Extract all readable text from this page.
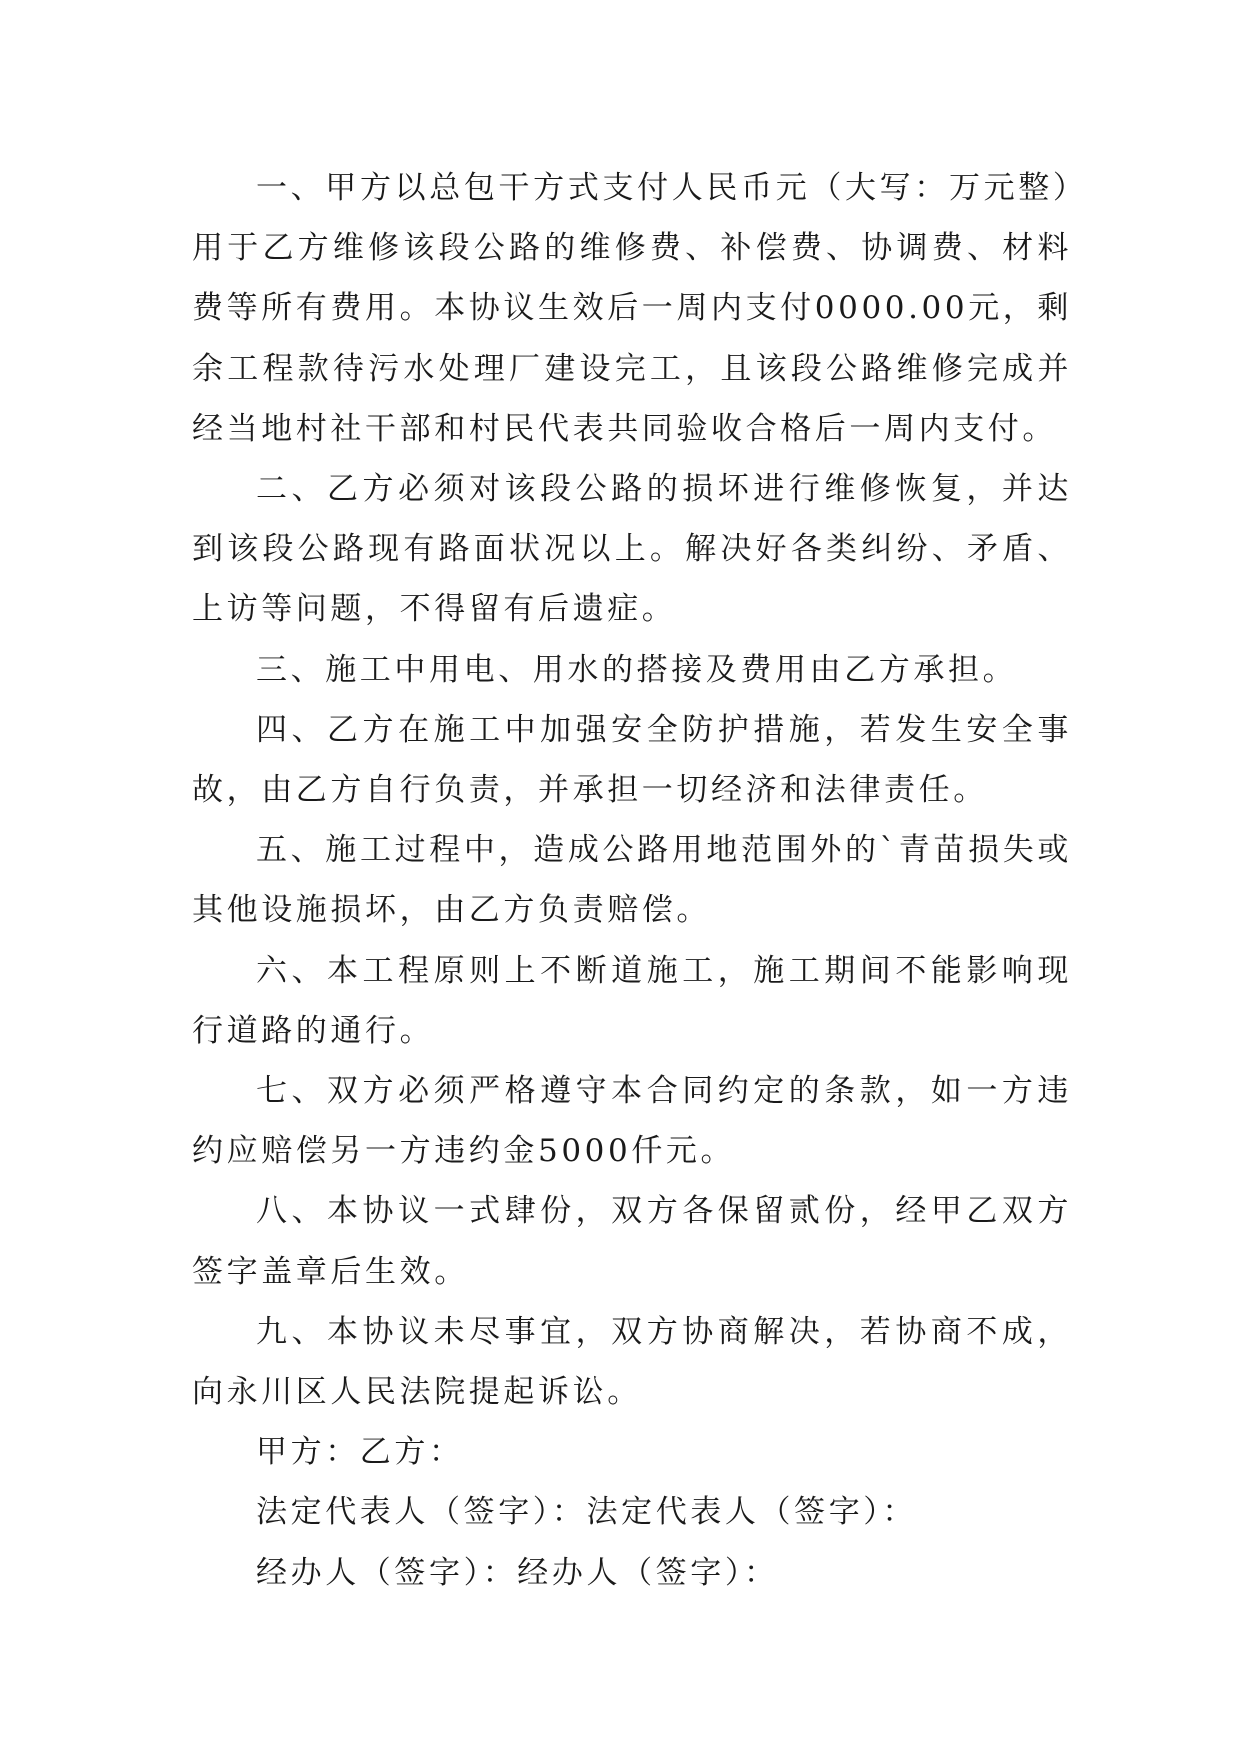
一、甲方以总包干方式支付人民币元（大写：万元整）用于乙方维修该段公路的维修费、补偿费、协调费、材料费等所有费用。本协议生效后一周内支付0000.00元，剩余工程款待污水处理厂建设完工，且该段公路维修完成并经当地村社干部和村民代表共同验收合格后一周内支付。

二、乙方必须对该段公路的损坏进行维修恢复，并达到该段公路现有路面状况以上。解决好各类纠纷、矛盾、上访等问题，不得留有后遗症。

三、施工中用电、用水的搭接及费用由乙方承担。

四、乙方在施工中加强安全防护措施，若发生安全事故，由乙方自行负责，并承担一切经济和法律责任。

五、施工过程中，造成公路用地范围外的`青苗损失或其他设施损坏，由乙方负责赔偿。

六、本工程原则上不断道施工，施工期间不能影响现行道路的通行。

七、双方必须严格遵守本合同约定的条款，如一方违约应赔偿另一方违约金5000仟元。

八、本协议一式肆份，双方各保留贰份，经甲乙双方签字盖章后生效。

九、本协议未尽事宜，双方协商解决，若协商不成，向永川区人民法院提起诉讼。

甲方：乙方：

法定代表人（签字）：法定代表人（签字）：

经办人（签字）：经办人（签字）：
